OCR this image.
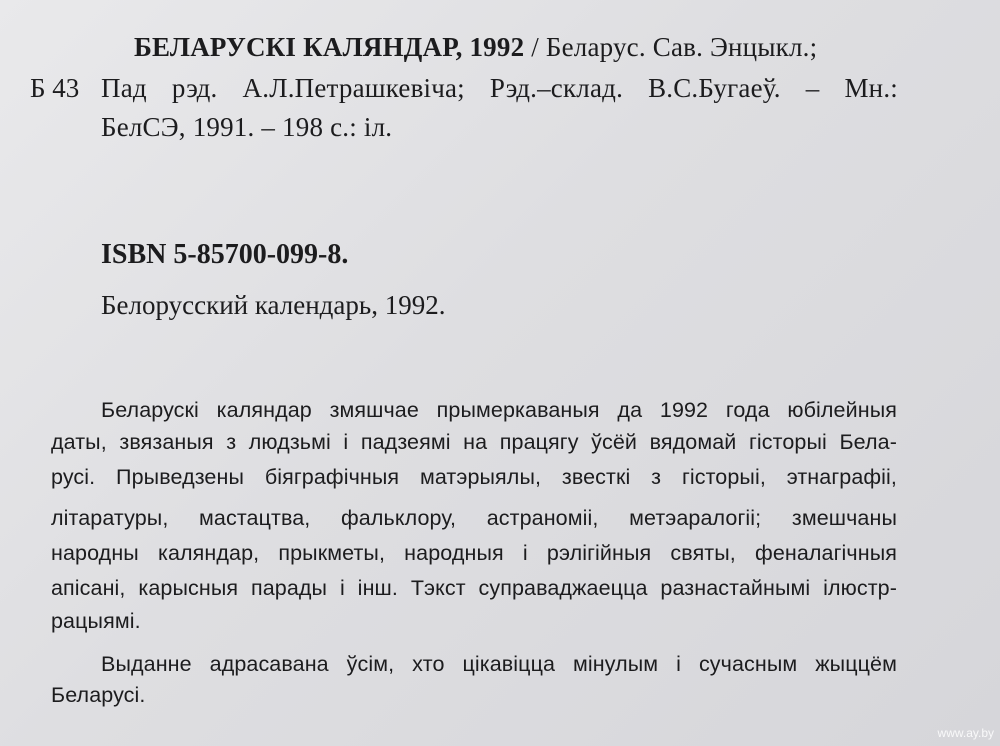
БЕЛАРУСКІ КАЛЯНДАР, 1992 / Беларус. Сав. Энцыкл.;
Б 43 Пад рэд. А.Л.Петрашкевіча; Рэд.–склад. В.С.Бугаеў. – Мн.:
БелСЭ, 1991. – 198 с.: іл.
ISBN 5-85700-099-8.
Белорусский календарь, 1992.
Беларускі каляндар змяшчае прымеркаваныя да 1992 года юбілейныя
даты, звязаныя з людзьмі і падзеямі на працягу ўсёй вядомай гісторыі Бела-
русі. Прыведзены біяграфічныя матэрыялы, звесткі з гісторыі, этнаграфіі,
літаратуры, мастацтва, фальклору, астраноміі, метэаралогіі; змешчаны
народны каляндар, прыкметы, народныя і рэлігійныя святы, феналагічныя
апісані, карысныя парады і інш. Тэкст суправаджаецца разнастайнымі ілюстр-
рацыямі.
Выданне адрасавана ўсім, хто цікавіцца мінулым і сучасным жыццём
Беларусі.
www.ay.by
